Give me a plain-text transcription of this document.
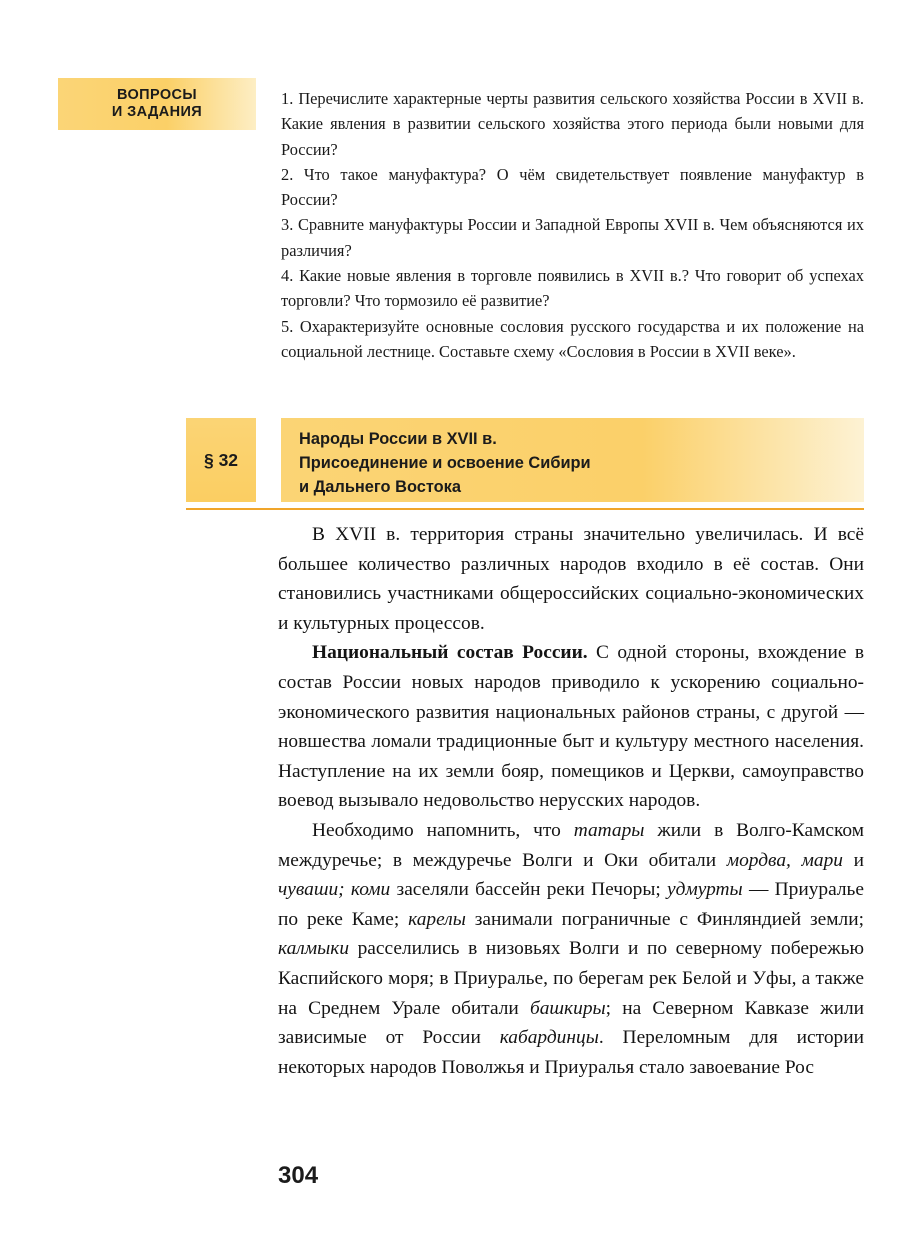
ВОПРОСЫ
И ЗАДАНИЯ

1. Перечислите характерные черты развития сельского хозяйства России в XVII в. Какие явления в развитии сельского хозяйства этого периода были новыми для России?

2. Что такое мануфактура? О чём свидетельствует появление мануфактур в России?

3. Сравните мануфактуры России и Западной Европы XVII в. Чем объясняются их различия?

4. Какие новые явления в торговле появились в XVII в.? Что говорит об успехах торговли? Что тормозило её развитие?

5. Охарактеризуйте основные сословия русского государства и их положение на социальной лестнице. Составьте схему «Сословия в России в XVII веке».

§ 32
Народы России в XVII в.
Присоединение и освоение Сибири
и Дальнего Востока

В XVII в. территория страны значительно увеличилась. И всё большее количество различных народов входило в её состав. Они становились участниками общероссийских социально-экономических и культурных процессов.

Национальный состав России. С одной стороны, вхождение в состав России новых народов приводило к ускорению социально-экономического развития национальных районов страны, с другой — новшества ломали традиционные быт и культуру местного населения. Наступление на их земли бояр, помещиков и Церкви, самоуправство воевод вызывало недовольство нерусских народов.

Необходимо напомнить, что татары жили в Волго-Камском междуречье; в междуречье Волги и Оки обитали мордва, мари и чуваши; коми заселяли бассейн реки Печоры; удмурты — Приуралье по реке Каме; карелы занимали пограничные с Финляндией земли; калмыки расселились в низовьях Волги и по северному побережью Каспийского моря; в Приуралье, по берегам рек Белой и Уфы, а также на Среднем Урале обитали башкиры; на Северном Кавказе жили зависимые от России кабардинцы. Переломным для истории некоторых народов Поволжья и Приуралья стало завоевание Рос

304
